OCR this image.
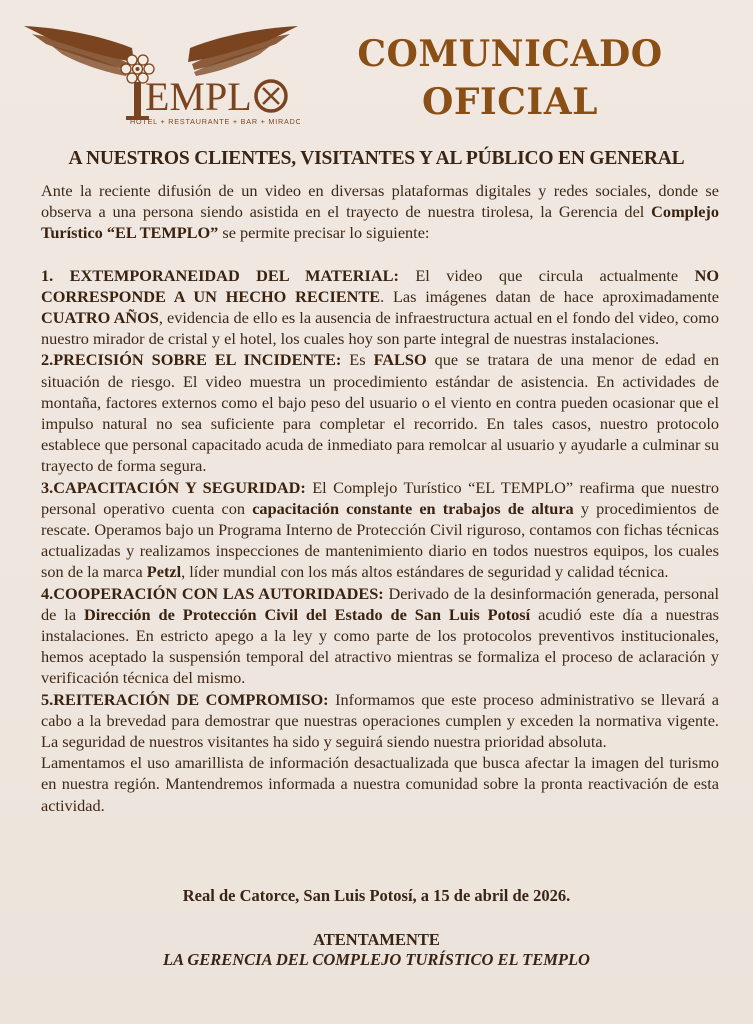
EMPL
HOTEL + RESTAURANTE + BAR + MIRADOR
COMUNICADO
OFICIAL
A NUESTROS CLIENTES, VISITANTES Y AL PÚBLICO EN GENERAL

Ante la reciente difusión de un video en diversas plataformas digitales y redes sociales, donde se observa a una persona siendo asistida en el trayecto de nuestra tirolesa, la Gerencia del Complejo Turístico “EL TEMPLO” se permite precisar lo siguiente:

1. EXTEMPORANEIDAD DEL MATERIAL: El video que circula actualmente NO CORRESPONDE A UN HECHO RECIENTE. Las imágenes datan de hace aproximadamente CUATRO AÑOS, evidencia de ello es la ausencia de infraestructura actual en el fondo del video, como nuestro mirador de cristal y el hotel, los cuales hoy son parte integral de nuestras instalaciones.

2.PRECISIÓN SOBRE EL INCIDENTE: Es FALSO que se tratara de una menor de edad en situación de riesgo. El video muestra un procedimiento estándar de asistencia. En actividades de montaña, factores externos como el bajo peso del usuario o el viento en contra pueden ocasionar que el impulso natural no sea suficiente para completar el recorrido. En tales casos, nuestro protocolo establece que personal capacitado acuda de inmediato para remolcar al usuario y ayudarle a culminar su trayecto de forma segura.

3.CAPACITACIÓN Y SEGURIDAD: El Complejo Turístico “EL TEMPLO” reafirma que nuestro personal operativo cuenta con capacitación constante en trabajos de altura y procedimientos de rescate. Operamos bajo un Programa Interno de Protección Civil riguroso, contamos con fichas técnicas actualizadas y realizamos inspecciones de mantenimiento diario en todos nuestros equipos, los cuales son de la marca Petzl, líder mundial con los más altos estándares de seguridad y calidad técnica.

4.COOPERACIÓN CON LAS AUTORIDADES: Derivado de la desinformación generada, personal de la Dirección de Protección Civil del Estado de San Luis Potosí acudió este día a nuestras instalaciones. En estricto apego a la ley y como parte de los protocolos preventivos institucionales, hemos aceptado la suspensión temporal del atractivo mientras se formaliza el proceso de aclaración y verificación técnica del mismo.

5.REITERACIÓN DE COMPROMISO: Informamos que este proceso administrativo se llevará a cabo a la brevedad para demostrar que nuestras operaciones cumplen y exceden la normativa vigente. La seguridad de nuestros visitantes ha sido y seguirá siendo nuestra prioridad absoluta.

Lamentamos el uso amarillista de información desactualizada que busca afectar la imagen del turismo en nuestra región. Mantendremos informada a nuestra comunidad sobre la pronta reactivación de esta actividad.

Real de Catorce, San Luis Potosí, a 15 de abril de 2026.
ATENTAMENTE
LA GERENCIA DEL COMPLEJO TURÍSTICO EL TEMPLO
